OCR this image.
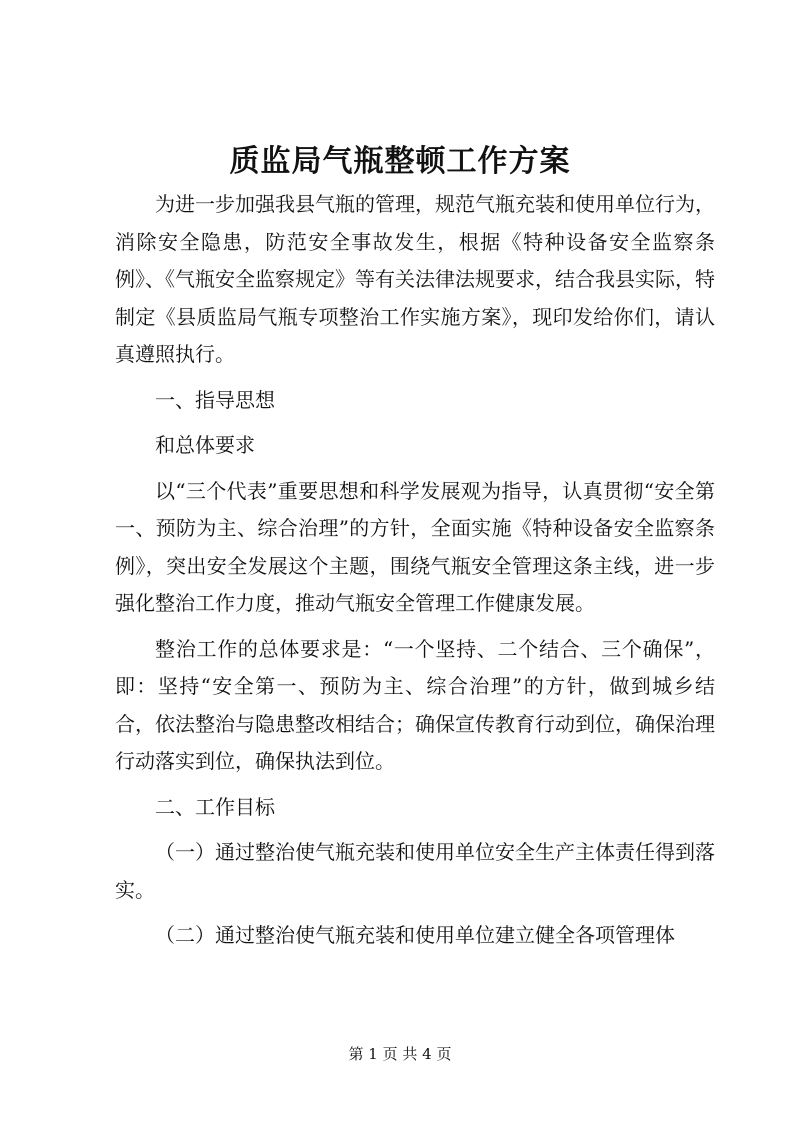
质监局气瓶整顿工作方案

为进一步加强我县气瓶的管理，规范气瓶充装和使用单位行为，消除安全隐患，防范安全事故发生，根据《特种设备安全监察条例》、《气瓶安全监察规定》等有关法律法规要求，结合我县实际，特制定《县质监局气瓶专项整治工作实施方案》，现印发给你们，请认真遵照执行。

一、指导思想

和总体要求

以“三个代表”重要思想和科学发展观为指导，认真贯彻“安全第一、预防为主、综合治理”的方针，全面实施《特种设备安全监察条例》，突出安全发展这个主题，围绕气瓶安全管理这条主线，进一步强化整治工作力度，推动气瓶安全管理工作健康发展。

整治工作的总体要求是：“一个坚持、二个结合、三个确保”，即：坚持“安全第一、预防为主、综合治理”的方针，做到城乡结合，依法整治与隐患整改相结合；确保宣传教育行动到位，确保治理行动落实到位，确保执法到位。

二、工作目标

（一）通过整治使气瓶充装和使用单位安全生产主体责任得到落实。

（二）通过整治使气瓶充装和使用单位建立健全各项管理体

第 1 页 共 4 页
